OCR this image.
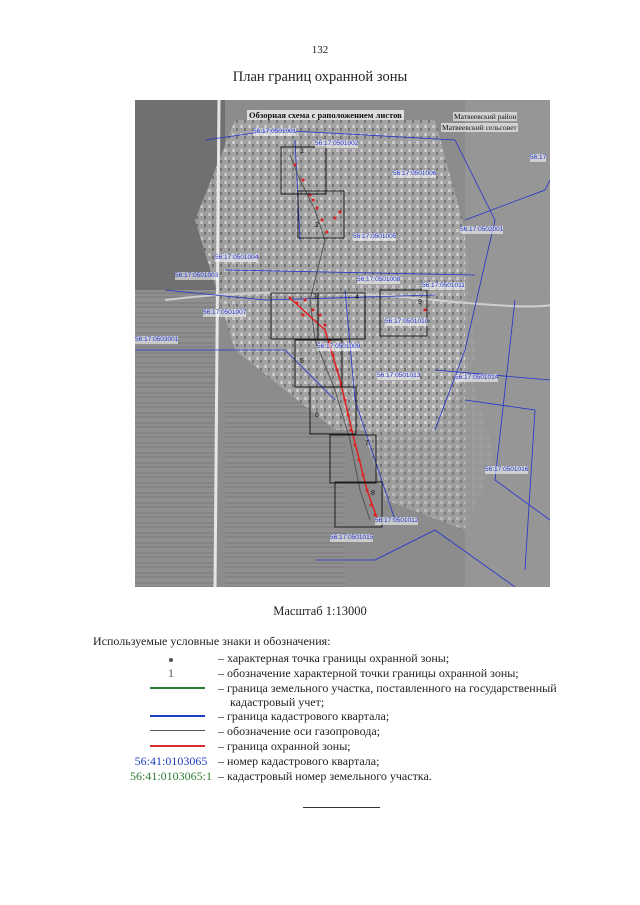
132
План границ охранной зоны
Обзорная схема с раположением листов	Матвеевский район
Матвеевский сельсовет
56:17:0501001
56:17:0501002
56:17:0501006
56:17:0501005
56:17:0502001
56:17:0501004
56:17:0501003
56:17:0501008
56:17:0501011
56:17:0501007
56:17:0501010
56:17:0503001
56:17:0501009
56:17:0501013	56:17:0501014
56:17:0501016
56:17:0501012
56:17:0501015
56:17
1
2
3	4
5
6
7
8
9
Масштаб 1:13000
Используемые условные знаки и обозначения:
– характерная точка границы охранной зоны;
1	– обозначение характерной точки границы охранной зоны;
– граница земельного участка, поставленного на государственный
кадастровый учет;
– граница кадастрового квартала;
– обозначение оси газопровода;
– граница охранной зоны;
56:41:0103065 – номер кадастрового квартала;
56:41:0103065:1 – кадастровый номер земельного участка.
